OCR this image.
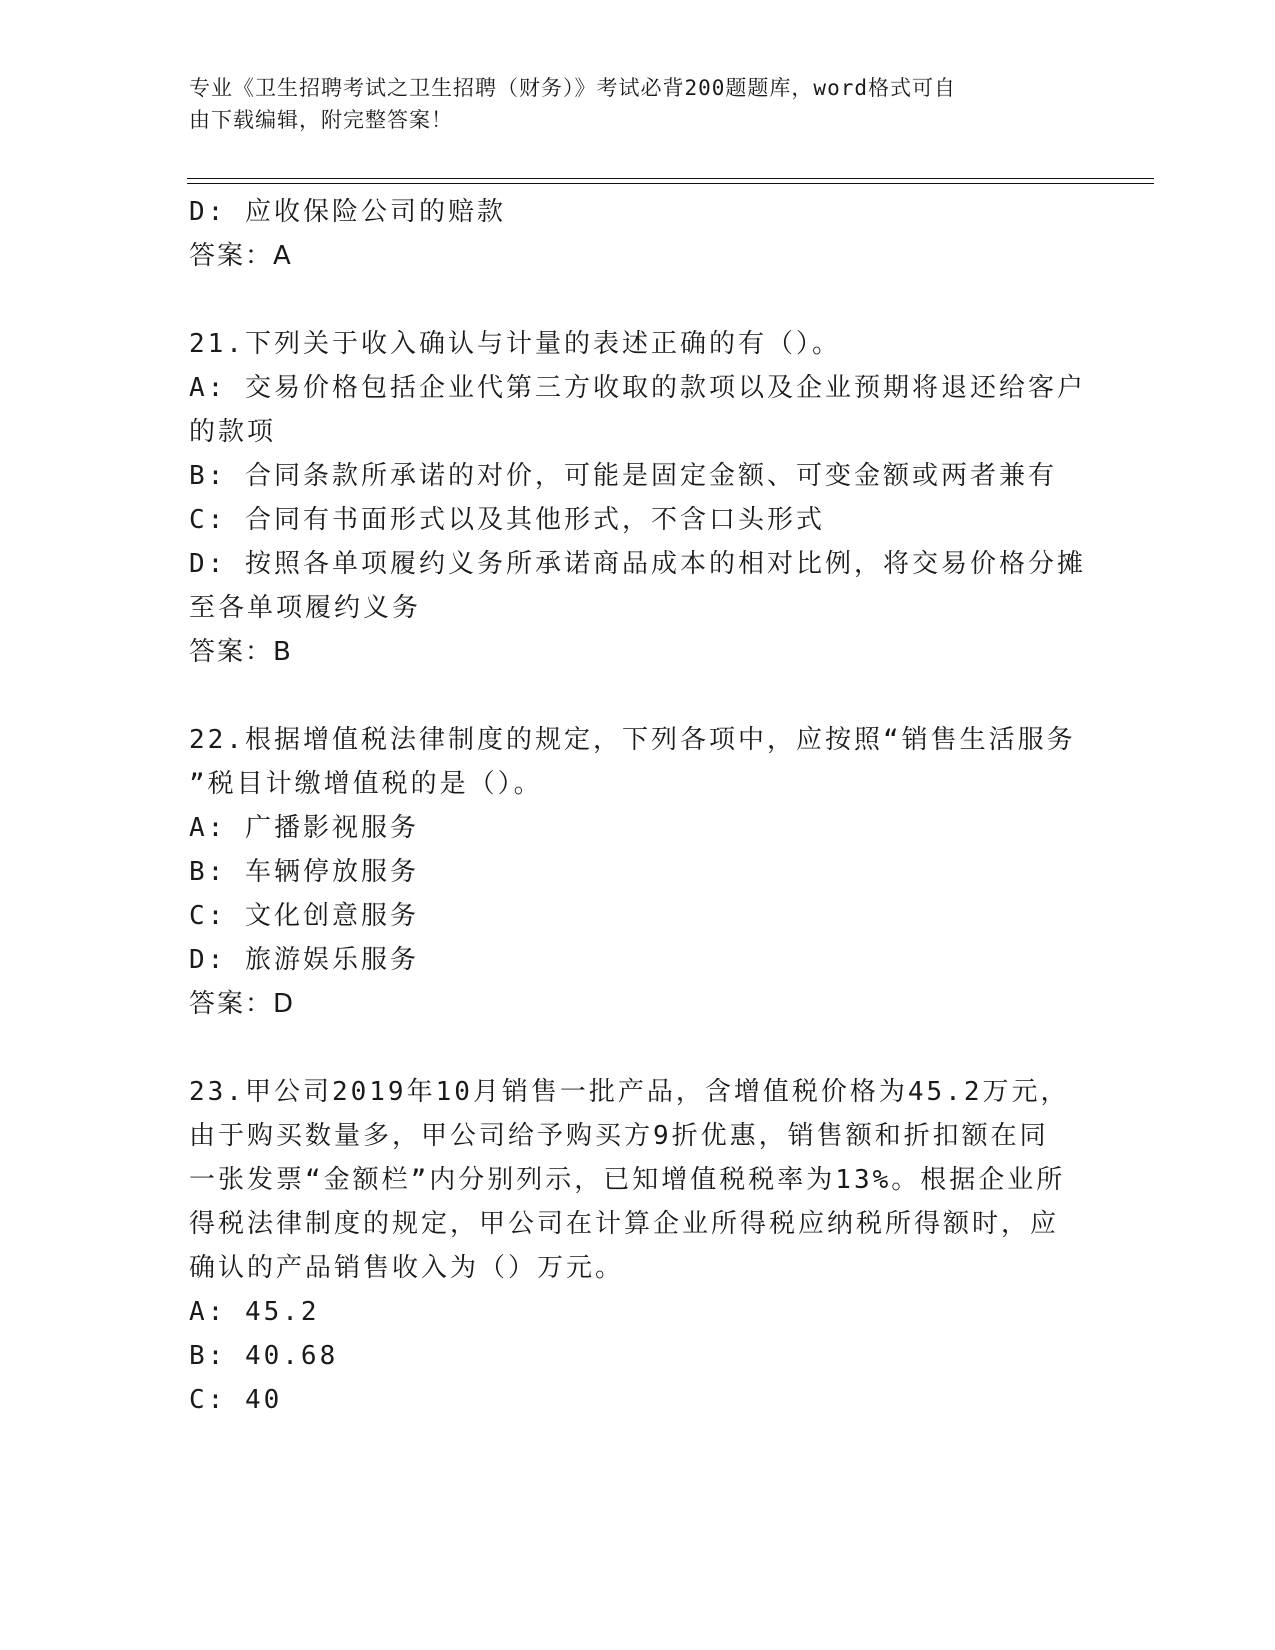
专业《卫生招聘考试之卫生招聘（财务）》考试必背200题题库，word格式可自
由下载编辑，附完整答案！
D: 应收保险公司的赔款
答案：A
21.下列关于收入确认与计量的表述正确的有（）。
A: 交易价格包括企业代第三方收取的款项以及企业预期将退还给客户
的款项
B: 合同条款所承诺的对价，可能是固定金额、可变金额或两者兼有
C: 合同有书面形式以及其他形式，不含口头形式
D: 按照各单项履约义务所承诺商品成本的相对比例，将交易价格分摊
至各单项履约义务
答案：B
22.根据增值税法律制度的规定，下列各项中，应按照“销售生活服务
”税目计缴增值税的是（）。
A: 广播影视服务
B: 车辆停放服务
C: 文化创意服务
D: 旅游娱乐服务
答案：D
23.甲公司2019年10月销售一批产品，含增值税价格为45.2万元，
由于购买数量多，甲公司给予购买方9折优惠，销售额和折扣额在同
一张发票“金额栏”内分别列示，已知增值税税率为13%。根据企业所
得税法律制度的规定，甲公司在计算企业所得税应纳税所得额时，应
确认的产品销售收入为（）万元。
A: 45.2
B: 40.68
C: 40
